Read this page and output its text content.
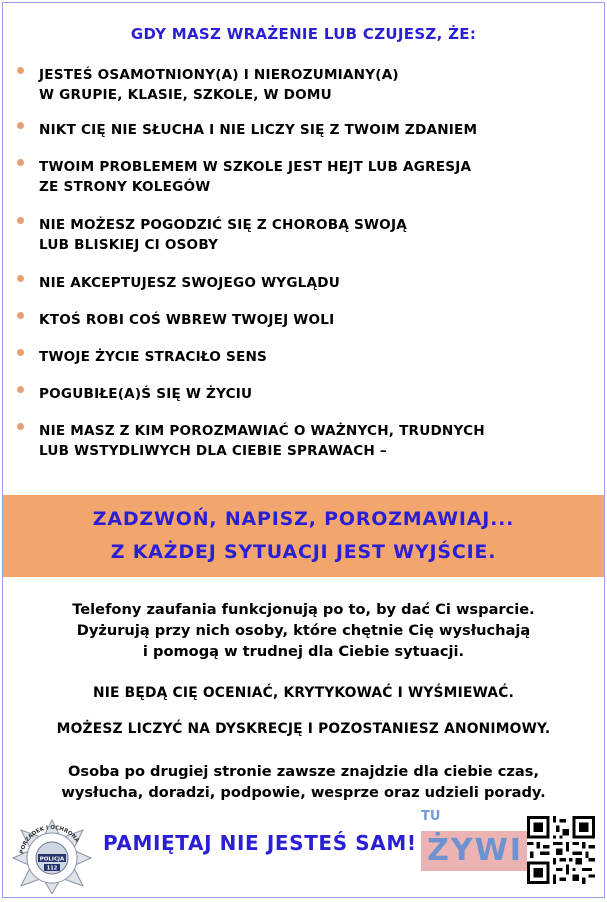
GDY MASZ WRAŻENIE LUB CZUJESZ, ŻE:
JESTEŚ OSAMOTNIONY(A) I NIEROZUMIANY(A)
W GRUPIE, KLASIE, SZKOLE, W DOMU
NIKT CIĘ NIE SŁUCHA I NIE LICZY SIĘ Z TWOIM ZDANIEM
TWOIM PROBLEMEM W SZKOLE JEST HEJT LUB AGRESJA
ZE STRONY KOLEGÓW
NIE MOŻESZ POGODZIĆ SIĘ Z CHOROBĄ SWOJĄ
LUB BLISKIEJ CI OSOBY
NIE AKCEPTUJESZ SWOJEGO WYGLĄDU
KTOŚ ROBI COŚ WBREW TWOJEJ WOLI
TWOJE ŻYCIE STRACIŁO SENS
POGUBIŁE(A)Ś SIĘ W ŻYCIU
NIE MASZ Z KIM POROZMAWIAĆ O WAŻNYCH, TRUDNYCH
LUB WSTYDLIWYCH DLA CIEBIE SPRAWACH –
ZADZWOŃ, NAPISZ, POROZMAWIAJ...
Z KAŻDEJ SYTUACJI JEST WYJŚCIE.
Telefony zaufania funkcjonują po to, by dać Ci wsparcie.
Dyżurują przy nich osoby, które chętnie Cię wysłuchają
i pomogą w trudnej dla Ciebie sytuacji.
NIE BĘDĄ CIĘ OCENIAĆ, KRYTYKOWAĆ I WYŚMIEWAĆ.
MOŻESZ LICZYĆ NA DYSKRECJĘ I POZOSTANIESZ ANONIMOWY.
Osoba po drugiej stronie zawsze znajdzie dla ciebie czas,
wysłucha, doradzi, podpowie, wesprze oraz udzieli porady.
PORZĄDEK I OCHRONA
POLICJA
112
TU
ŻYWI
PAMIĘTAJ NIE JESTEŚ SAM!
